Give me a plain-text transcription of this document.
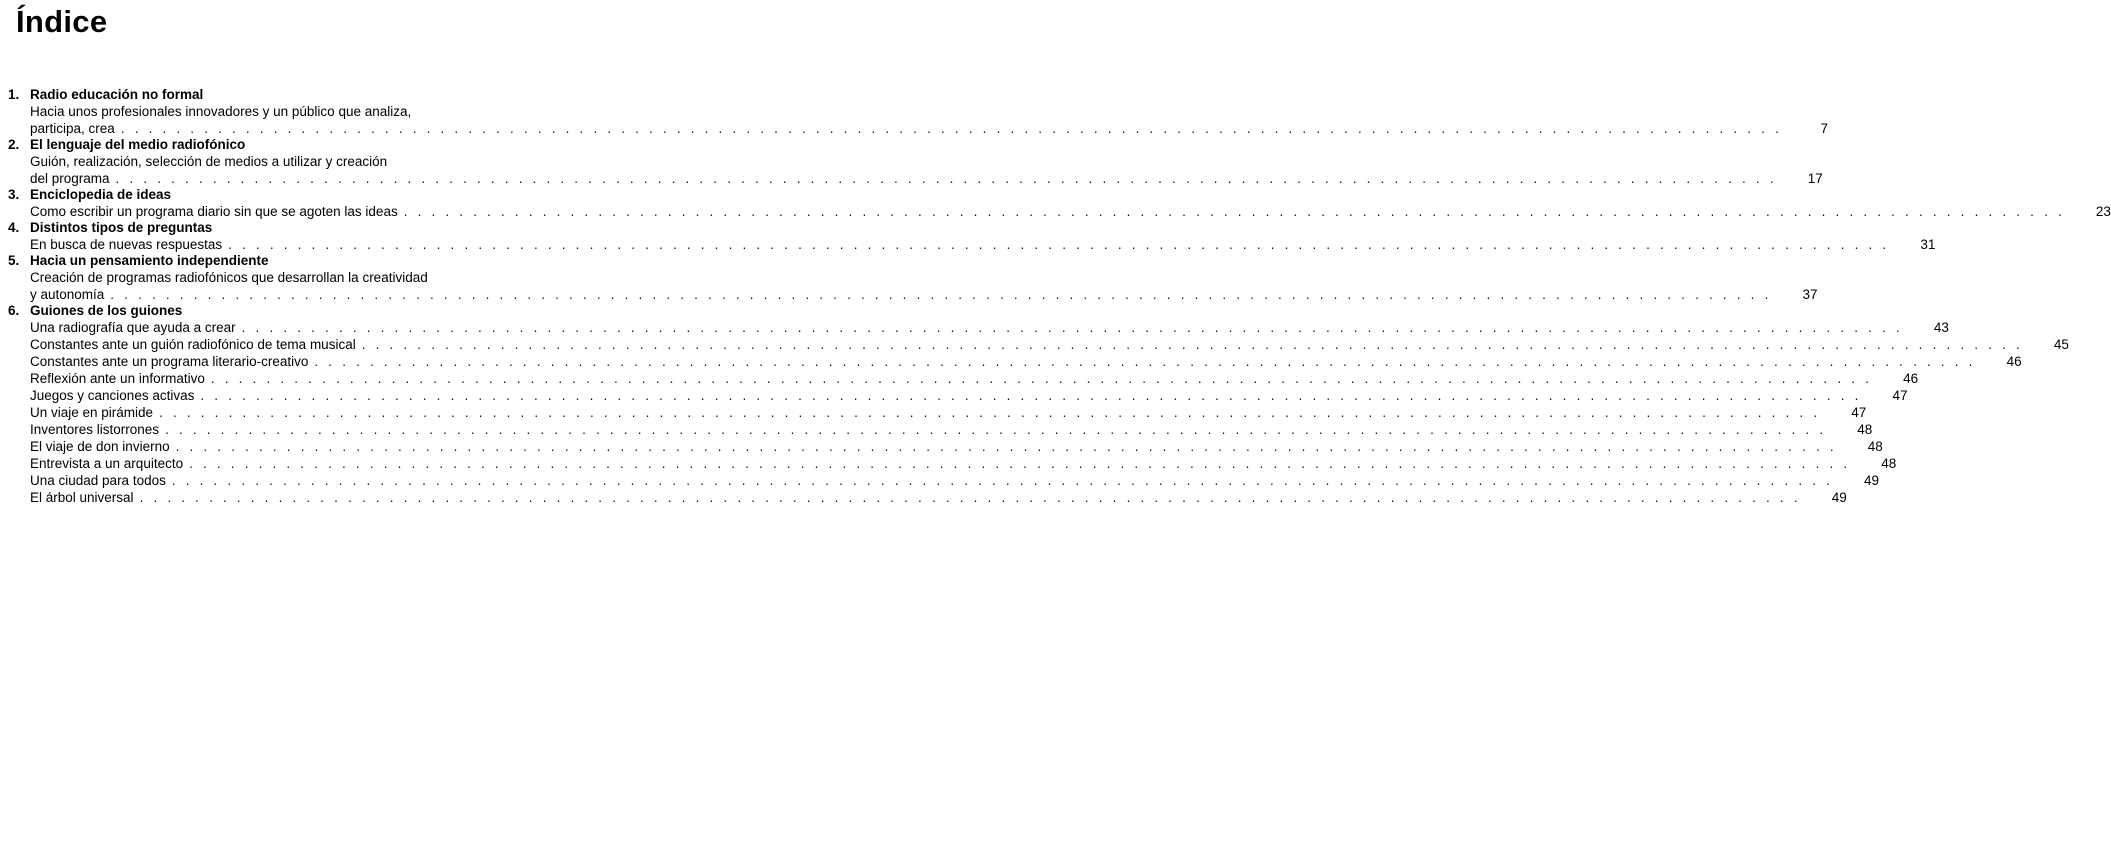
Índice
1. Radio educación no formal
Hacia unos profesionales innovadores y un público que analiza,
participa, crea . . . . . . . . . . . . . . . . . . . . . . . . . . . . . . . . . . . . . . . . . . . . . . . . . . . . . . . . . . . . . . . . . . . . . . . . . . . . . . . . . . . . . . . . . . . . . . . . . . . . . . . . . . . . . . . . . . . . . . . .	7
2. El lenguaje del medio radiofónico
Guión, realización, selección de medios a utilizar y creación
del programa . . . . . . . . . . . . . . . . . . . . . . . . . . . . . . . . . . . . . . . . . . . . . . . . . . . . . . . . . . . . . . . . . . . . . . . . . . . . . . . . . . . . . . . . . . . . . . . . . . . . . . . . . . . . . . . . . . . . . . . .	17
3. Enciclopedia de ideas
Como escribir un programa diario sin que se agoten las ideas . . . . . . . . . . . . . . . . . . . . . . . . . . . . . . . . . . . . . . . . . . . . . . . . . . . . . . . . . . . . . . . . . . . . . . . . . . . . . . . . . . . . . . . . . . . . . . . . . . . . . . . . . . . . . . . . . . . . . . . .	23
4. Distintos tipos de preguntas
En busca de nuevas respuestas . . . . . . . . . . . . . . . . . . . . . . . . . . . . . . . . . . . . . . . . . . . . . . . . . . . . . . . . . . . . . . . . . . . . . . . . . . . . . . . . . . . . . . . . . . . . . . . . . . . . . . . . . . . . . . . . . . . . . . . .	31
5. Hacia un pensamiento independiente
Creación de programas radiofónicos que desarrollan la creatividad
y autonomía . . . . . . . . . . . . . . . . . . . . . . . . . . . . . . . . . . . . . . . . . . . . . . . . . . . . . . . . . . . . . . . . . . . . . . . . . . . . . . . . . . . . . . . . . . . . . . . . . . . . . . . . . . . . . . . . . . . . . . . .	37
6. Guiones de los guiones
Una radiografía que ayuda a crear . . . . . . . . . . . . . . . . . . . . . . . . . . . . . . . . . . . . . . . . . . . . . . . . . . . . . . . . . . . . . . . . . . . . . . . . . . . . . . . . . . . . . . . . . . . . . . . . . . . . . . . . . . . . . . . . . . . . . . . .	43
Constantes ante un guión radiofónico de tema musical . . . . . . . . . . . . . . . . . . . . . . . . . . . . . . . . . . . . . . . . . . . . . . . . . . . . . . . . . . . . . . . . . . . . . . . . . . . . . . . . . . . . . . . . . . . . . . . . . . . . . . . . . . . . . . . . . . . . . . . .	45
Constantes ante un programa literario-creativo . . . . . . . . . . . . . . . . . . . . . . . . . . . . . . . . . . . . . . . . . . . . . . . . . . . . . . . . . . . . . . . . . . . . . . . . . . . . . . . . . . . . . . . . . . . . . . . . . . . . . . . . . . . . . . . . . . . . . . . .	46
Reflexión ante un informativo . . . . . . . . . . . . . . . . . . . . . . . . . . . . . . . . . . . . . . . . . . . . . . . . . . . . . . . . . . . . . . . . . . . . . . . . . . . . . . . . . . . . . . . . . . . . . . . . . . . . . . . . . . . . . . . . . . . . . . . .	46
Juegos y canciones activas . . . . . . . . . . . . . . . . . . . . . . . . . . . . . . . . . . . . . . . . . . . . . . . . . . . . . . . . . . . . . . . . . . . . . . . . . . . . . . . . . . . . . . . . . . . . . . . . . . . . . . . . . . . . . . . . . . . . . . . .	47
Un viaje en pirámide . . . . . . . . . . . . . . . . . . . . . . . . . . . . . . . . . . . . . . . . . . . . . . . . . . . . . . . . . . . . . . . . . . . . . . . . . . . . . . . . . . . . . . . . . . . . . . . . . . . . . . . . . . . . . . . . . . . . . . . .	47
Inventores listorrones . . . . . . . . . . . . . . . . . . . . . . . . . . . . . . . . . . . . . . . . . . . . . . . . . . . . . . . . . . . . . . . . . . . . . . . . . . . . . . . . . . . . . . . . . . . . . . . . . . . . . . . . . . . . . . . . . . . . . . . .	48
El viaje de don invierno . . . . . . . . . . . . . . . . . . . . . . . . . . . . . . . . . . . . . . . . . . . . . . . . . . . . . . . . . . . . . . . . . . . . . . . . . . . . . . . . . . . . . . . . . . . . . . . . . . . . . . . . . . . . . . . . . . . . . . . .	48
Entrevista a un arquitecto . . . . . . . . . . . . . . . . . . . . . . . . . . . . . . . . . . . . . . . . . . . . . . . . . . . . . . . . . . . . . . . . . . . . . . . . . . . . . . . . . . . . . . . . . . . . . . . . . . . . . . . . . . . . . . . . . . . . . . . .	48
Una ciudad para todos . . . . . . . . . . . . . . . . . . . . . . . . . . . . . . . . . . . . . . . . . . . . . . . . . . . . . . . . . . . . . . . . . . . . . . . . . . . . . . . . . . . . . . . . . . . . . . . . . . . . . . . . . . . . . . . . . . . . . . . .	49
El árbol universal . . . . . . . . . . . . . . . . . . . . . . . . . . . . . . . . . . . . . . . . . . . . . . . . . . . . . . . . . . . . . . . . . . . . . . . . . . . . . . . . . . . . . . . . . . . . . . . . . . . . . . . . . . . . . . . . . . . . . . . .	49
